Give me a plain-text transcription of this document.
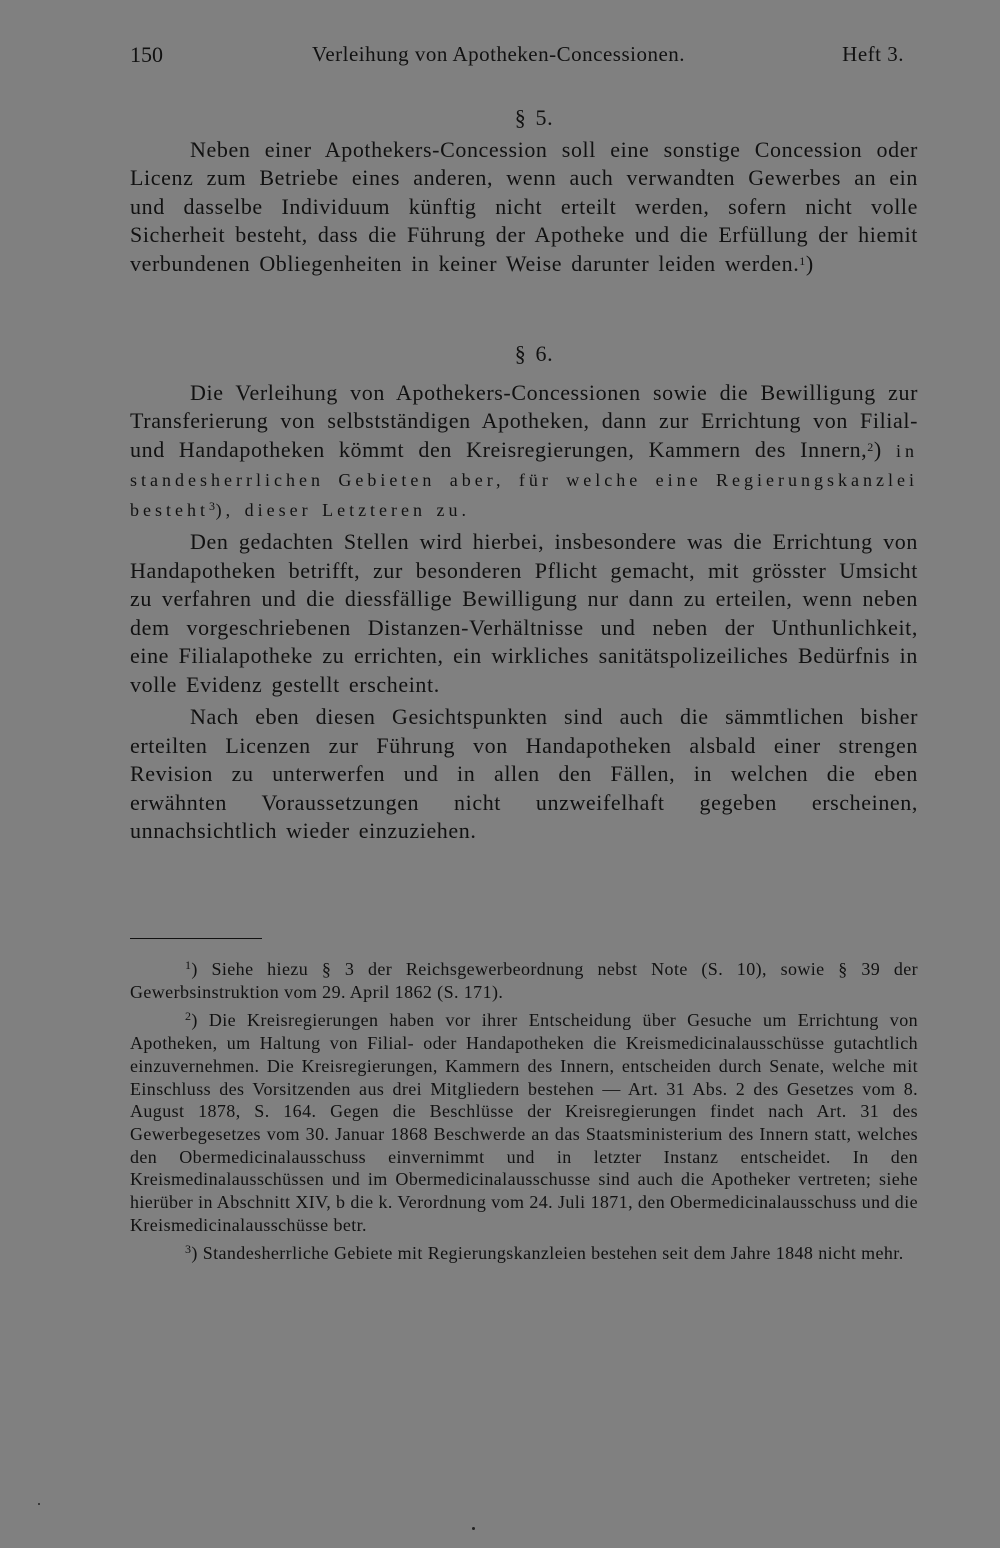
150	Verleihung von Apotheken-Concessionen.	Heft 3.

§ 5.

Neben einer Apothekers-Concession soll eine sonstige Concession oder Licenz zum Betriebe eines anderen, wenn auch verwandten Gewerbes an ein und dasselbe Individuum künftig nicht erteilt werden, sofern nicht volle Sicherheit besteht, dass die Führung der Apotheke und die Erfüllung der hiemit verbundenen Obliegenheiten in keiner Weise darunter leiden werden.$^1$)

§ 6.

Die Verleihung von Apothekers-Concessionen sowie die Bewilligung zur Transferierung von selbstständigen Apotheken, dann zur Errichtung von Filial- und Handapotheken kömmt den Kreisregierungen, Kammern des Innern,$^2$) in standesherrlichen Gebieten aber, für welche eine Regierungskanzlei besteht$^3$), dieser Letzteren zu.

Den gedachten Stellen wird hierbei, insbesondere was die Errichtung von Handapotheken betrifft, zur besonderen Pflicht gemacht, mit grösster Umsicht zu verfahren und die diessfällige Bewilligung nur dann zu erteilen, wenn neben dem vorgeschriebenen Distanzen-Verhältnisse und neben der Unthunlichkeit, eine Filialapotheke zu errichten, ein wirkliches sanitätspolizeiliches Bedürfnis in volle Evidenz gestellt erscheint.

Nach eben diesen Gesichtspunkten sind auch die sämmtlichen bisher erteilten Licenzen zur Führung von Handapotheken alsbald einer strengen Revision zu unterwerfen und in allen den Fällen, in welchen die eben erwähnten Voraussetzungen nicht unzweifelhaft gegeben erscheinen, unnachsichtlich wieder einzuziehen.

$^1$) Siehe hiezu § 3 der Reichsgewerbeordnung nebst Note (S. 10), sowie § 39 der Gewerbsinstruktion vom 29. April 1862 (S. 171).

$^2$) Die Kreisregierungen haben vor ihrer Entscheidung über Gesuche um Errichtung von Apotheken, um Haltung von Filial- oder Handapotheken die Kreismedicinalausschüsse gutachtlich einzuvernehmen. Die Kreisregierungen, Kammern des Innern, entscheiden durch Senate, welche mit Einschluss des Vorsitzenden aus drei Mitgliedern bestehen — Art. 31 Abs. 2 des Gesetzes vom 8. August 1878, S. 164. Gegen die Beschlüsse der Kreisregierungen findet nach Art. 31 des Gewerbegesetzes vom 30. Januar 1868 Beschwerde an das Staatsministerium des Innern statt, welches den Obermedicinalausschuss einvernimmt und in letzter Instanz entscheidet. In den Kreismedinalausschüssen und im Obermedicinalausschusse sind auch die Apotheker vertreten; siehe hierüber in Abschnitt XIV, b die k. Verordnung vom 24. Juli 1871, den Obermedicinalausschuss und die Kreismedicinalausschüsse betr.

$^3$) Standesherrliche Gebiete mit Regierungskanzleien bestehen seit dem Jahre 1848 nicht mehr.
